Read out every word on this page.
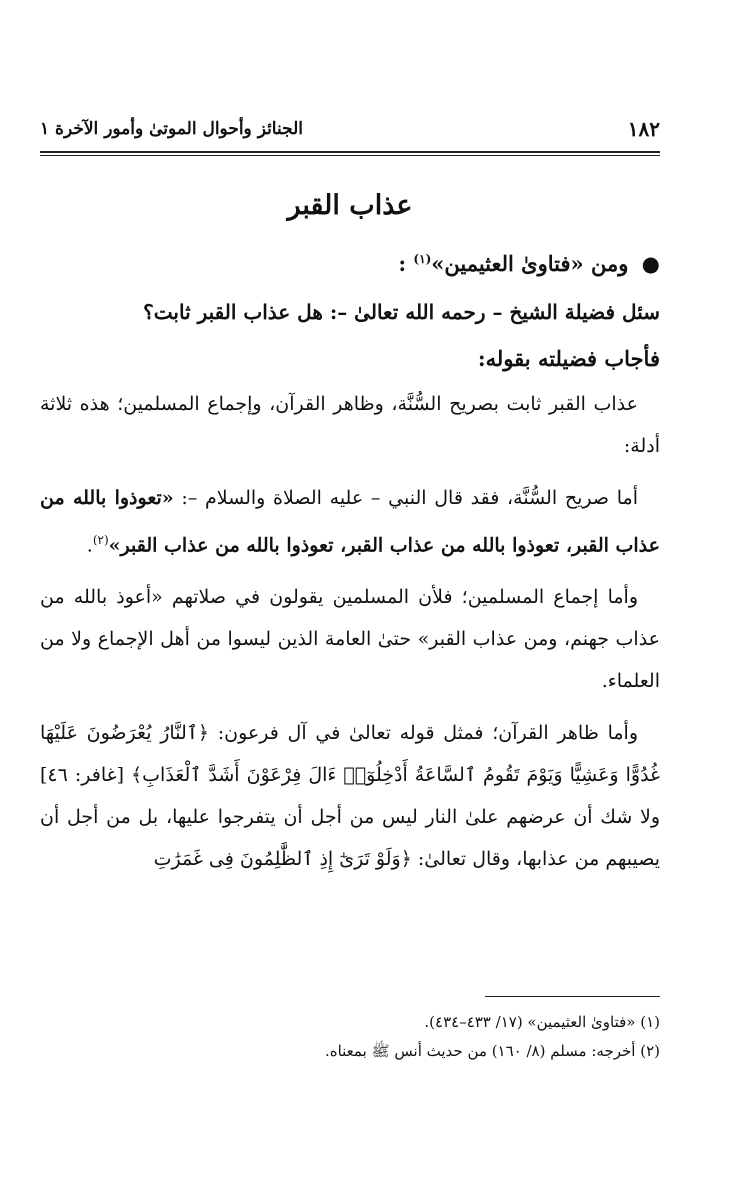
١٨٢
الجنائز وأحوال الموتىٰ وأمور الآخرة ١
عذاب القبر
● ومن «فتاوىٰ العثيمين»$^{(١)}$ :
سئل فضيلة الشيخ – رحمه الله تعالىٰ –: هل عذاب القبر ثابت؟
فأجاب فضيلته بقوله:

عذاب القبر ثابت بصريح السُّنَّة، وظاهر القرآن، وإجماع المسلمين؛ هذه ثلاثة أدلة:

أما صريح السُّنَّة، فقد قال النبي – عليه الصلاة والسلام –: «تعوذوا بالله من عذاب القبر، تعوذوا بالله من عذاب القبر، تعوذوا بالله من عذاب القبر»$^{(٢)}$.

وأما إجماع المسلمين؛ فلأن المسلمين يقولون في صلاتهم «أعوذ بالله من عذاب جهنم، ومن عذاب القبر» حتىٰ العامة الذين ليسوا من أهل الإجماع ولا من العلماء.

وأما ظاهر القرآن؛ فمثل قوله تعالىٰ في آل فرعون: ﴿ٱلنَّارُ يُعْرَضُونَ عَلَيْهَا غُدُوًّا وَعَشِيًّا وَيَوْمَ تَقُومُ ٱلسَّاعَةُ أَدْخِلُوٓا۟ ءَالَ فِرْعَوْنَ أَشَدَّ ٱلْعَذَابِ﴾ [غافر: ٤٦] ولا شك أن عرضهم علىٰ النار ليس من أجل أن يتفرجوا عليها، بل من أجل أن يصيبهم من عذابها، وقال تعالىٰ: ﴿وَلَوْ تَرَىٰٓ إِذِ ٱلظَّٰلِمُونَ فِى غَمَرَٰتِ

(١) «فتاوىٰ العثيمين» (١٧/ ٤٣٣–٤٣٤).

(٢) أخرجه: مسلم (٨/ ١٦٠) من حديث أنس ﷺ بمعناه.
